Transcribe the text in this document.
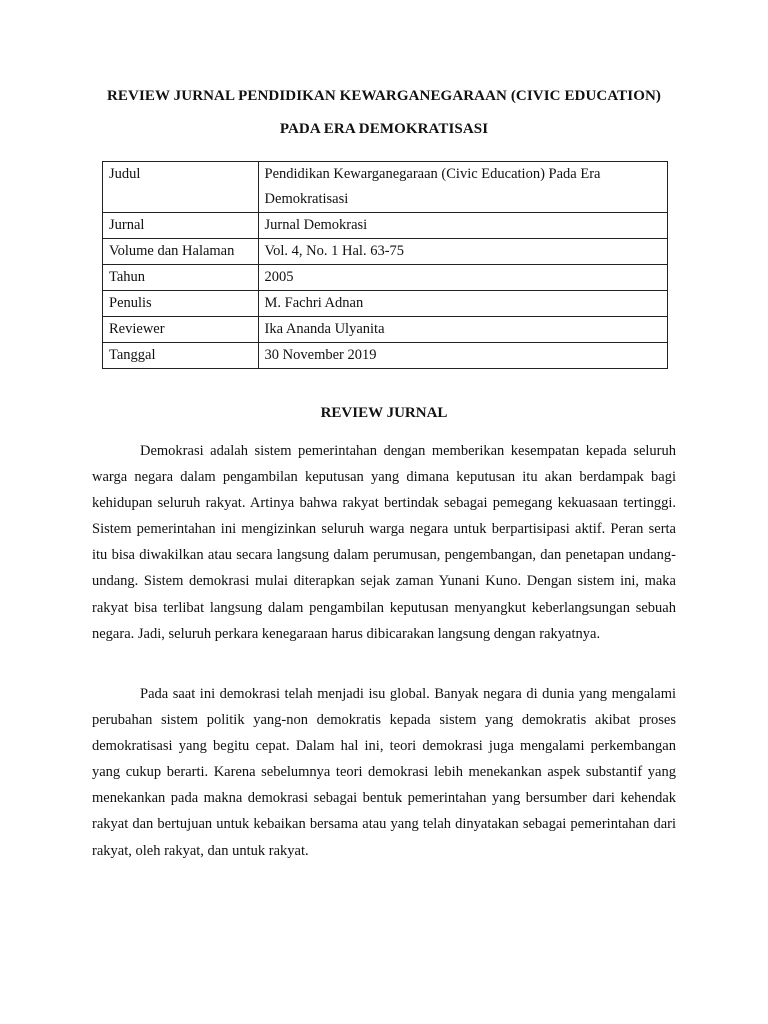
REVIEW JURNAL PENDIDIKAN KEWARGANEGARAAN (CIVIC EDUCATION)
PADA ERA DEMOKRATISASI
Judul	Pendidikan Kewarganegaraan (Civic Education) Pada Era Demokratisasi
Jurnal	Jurnal Demokrasi
Volume dan Halaman	Vol. 4, No. 1 Hal. 63-75
Tahun	2005
Penulis	M. Fachri Adnan
Reviewer	Ika Ananda Ulyanita
Tanggal	30 November 2019
REVIEW JURNAL

Demokrasi adalah sistem pemerintahan dengan memberikan kesempatan kepada seluruh warga negara dalam pengambilan keputusan yang dimana keputusan itu akan berdampak bagi kehidupan seluruh rakyat. Artinya bahwa rakyat bertindak sebagai pemegang kekuasaan tertinggi. Sistem pemerintahan ini mengizinkan seluruh warga negara untuk berpartisipasi aktif. Peran serta itu bisa diwakilkan atau secara langsung dalam perumusan, pengembangan, dan penetapan undang-undang. Sistem demokrasi mulai diterapkan sejak zaman Yunani Kuno. Dengan sistem ini, maka rakyat bisa terlibat langsung dalam pengambilan keputusan menyangkut keberlangsungan sebuah negara. Jadi, seluruh perkara kenegaraan harus dibicarakan langsung dengan rakyatnya.

Pada saat ini demokrasi telah menjadi isu global. Banyak negara di dunia yang mengalami perubahan sistem politik yang-non demokratis kepada sistem yang demokratis akibat proses demokratisasi yang begitu cepat. Dalam hal ini, teori demokrasi juga mengalami perkembangan yang cukup berarti. Karena sebelumnya teori demokrasi lebih menekankan aspek substantif yang menekankan pada makna demokrasi sebagai bentuk pemerintahan yang bersumber dari kehendak rakyat dan bertujuan untuk kebaikan bersama atau yang telah dinyatakan sebagai pemerintahan dari rakyat, oleh rakyat, dan untuk rakyat.
